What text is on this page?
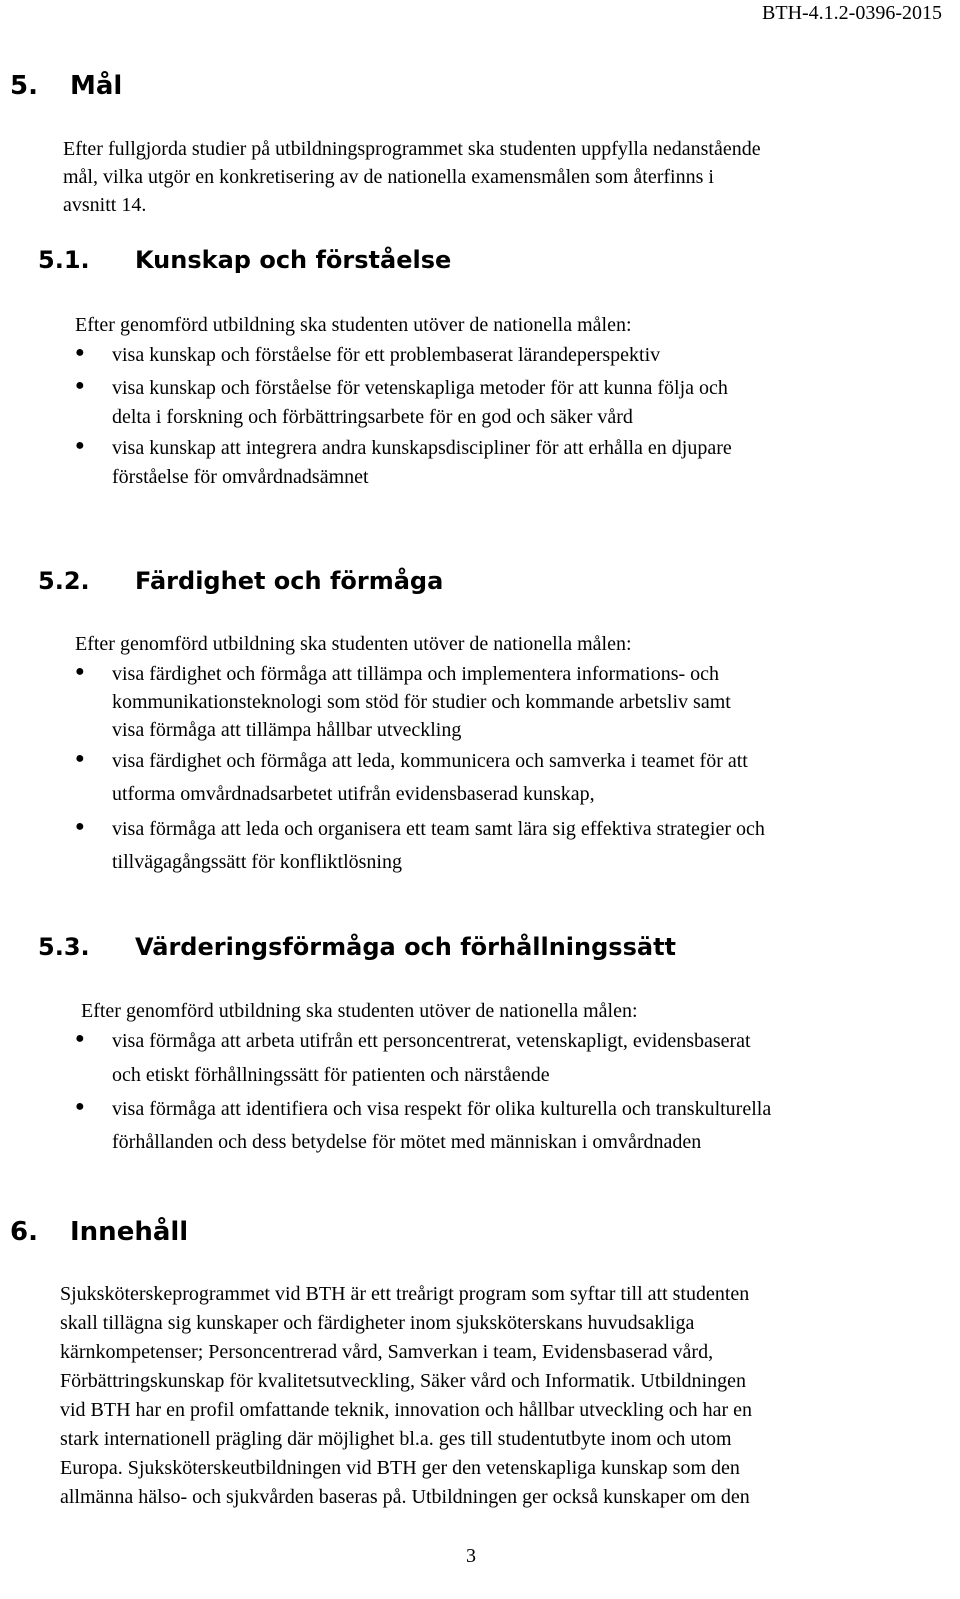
BTH-4.1.2-0396-2015
5. Mål
Efter fullgjorda studier på utbildningsprogrammet ska studenten uppfylla nedanstående
mål, vilka utgör en konkretisering av de nationella examensmålen som återfinns i
avsnitt 14.
5.1. Kunskap och förståelse
Efter genomförd utbildning ska studenten utöver de nationella målen:
● visa kunskap och förståelse för ett problembaserat lärandeperspektiv
● visa kunskap och förståelse för vetenskapliga metoder för att kunna följa och
delta i forskning och förbättringsarbete för en god och säker vård
● visa kunskap att integrera andra kunskapsdiscipliner för att erhålla en djupare
förståelse för omvårdnadsämnet
5.2. Färdighet och förmåga
Efter genomförd utbildning ska studenten utöver de nationella målen:
● visa färdighet och förmåga att tillämpa och implementera informations- och
kommunikationsteknologi som stöd för studier och kommande arbetsliv samt
visa förmåga att tillämpa hållbar utveckling
● visa färdighet och förmåga att leda, kommunicera och samverka i teamet för att
utforma omvårdnadsarbetet utifrån evidensbaserad kunskap,
● visa förmåga att leda och organisera ett team samt lära sig effektiva strategier och
tillvägagångssätt för konfliktlösning
5.3. Värderingsförmåga och förhållningssätt
Efter genomförd utbildning ska studenten utöver de nationella målen:
● visa förmåga att arbeta utifrån ett personcentrerat, vetenskapligt, evidensbaserat
och etiskt förhållningssätt för patienten och närstående
● visa förmåga att identifiera och visa respekt för olika kulturella och transkulturella
förhållanden och dess betydelse för mötet med människan i omvårdnaden
6. Innehåll
Sjuksköterskeprogrammet vid BTH är ett treårigt program som syftar till att studenten
skall tillägna sig kunskaper och färdigheter inom sjuksköterskans huvudsakliga
kärnkompetenser; Personcentrerad vård, Samverkan i team, Evidensbaserad vård,
Förbättringskunskap för kvalitetsutveckling, Säker vård och Informatik. Utbildningen
vid BTH har en profil omfattande teknik, innovation och hållbar utveckling och har en
stark internationell prägling där möjlighet bl.a. ges till studentutbyte inom och utom
Europa. Sjuksköterskeutbildningen vid BTH ger den vetenskapliga kunskap som den
allmänna hälso- och sjukvården baseras på. Utbildningen ger också kunskaper om den
3
